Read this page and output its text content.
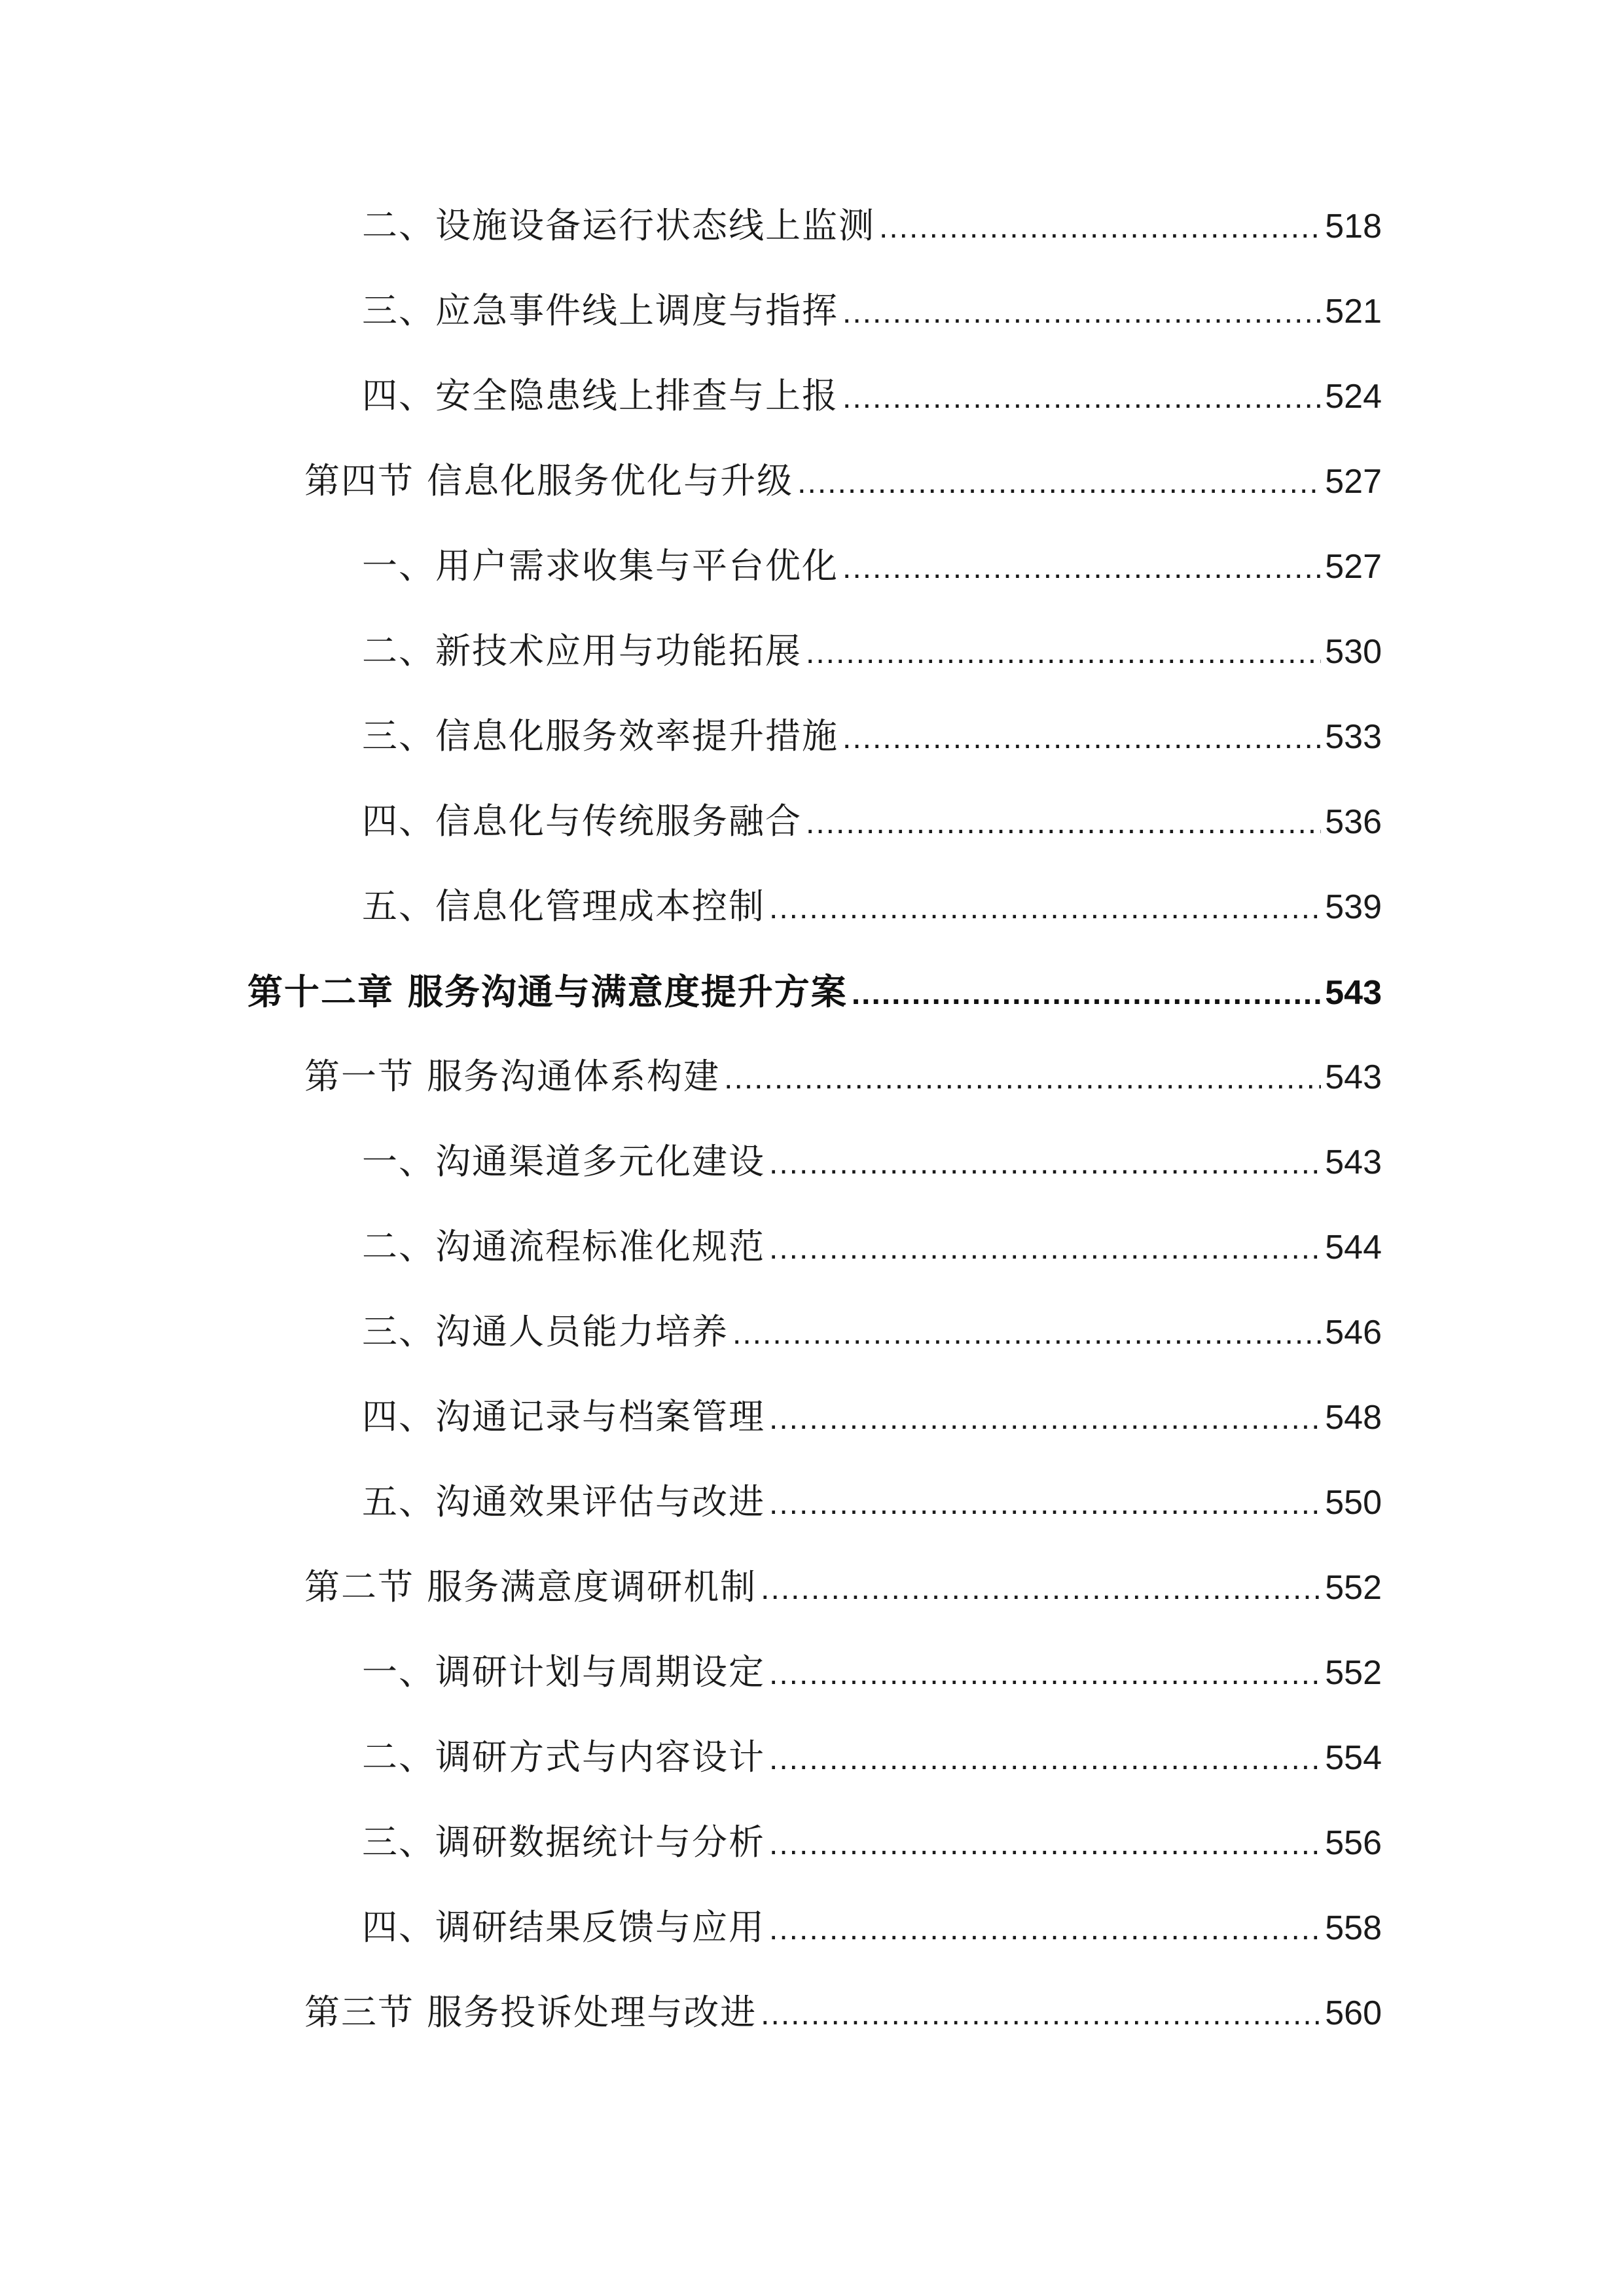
二、设施设备运行状态线上监测 .....	518
三、应急事件线上调度与指挥 .....	521
四、安全隐患线上排查与上报 .....	524
第四节 信息化服务优化与升级 .....	527
一、用户需求收集与平台优化 .....	527
二、新技术应用与功能拓展 .....	530
三、信息化服务效率提升措施 .....	533
四、信息化与传统服务融合 .....	536
五、信息化管理成本控制 .....	539
第十二章 服务沟通与满意度提升方案 .....	543
第一节 服务沟通体系构建 .....	543
一、沟通渠道多元化建设 .....	543
二、沟通流程标准化规范 .....	544
三、沟通人员能力培养 .....	546
四、沟通记录与档案管理 .....	548
五、沟通效果评估与改进 .....	550
第二节 服务满意度调研机制 .....	552
一、调研计划与周期设定 .....	552
二、调研方式与内容设计 .....	554
三、调研数据统计与分析 .....	556
四、调研结果反馈与应用 .....	558
第三节 服务投诉处理与改进 .....	560
